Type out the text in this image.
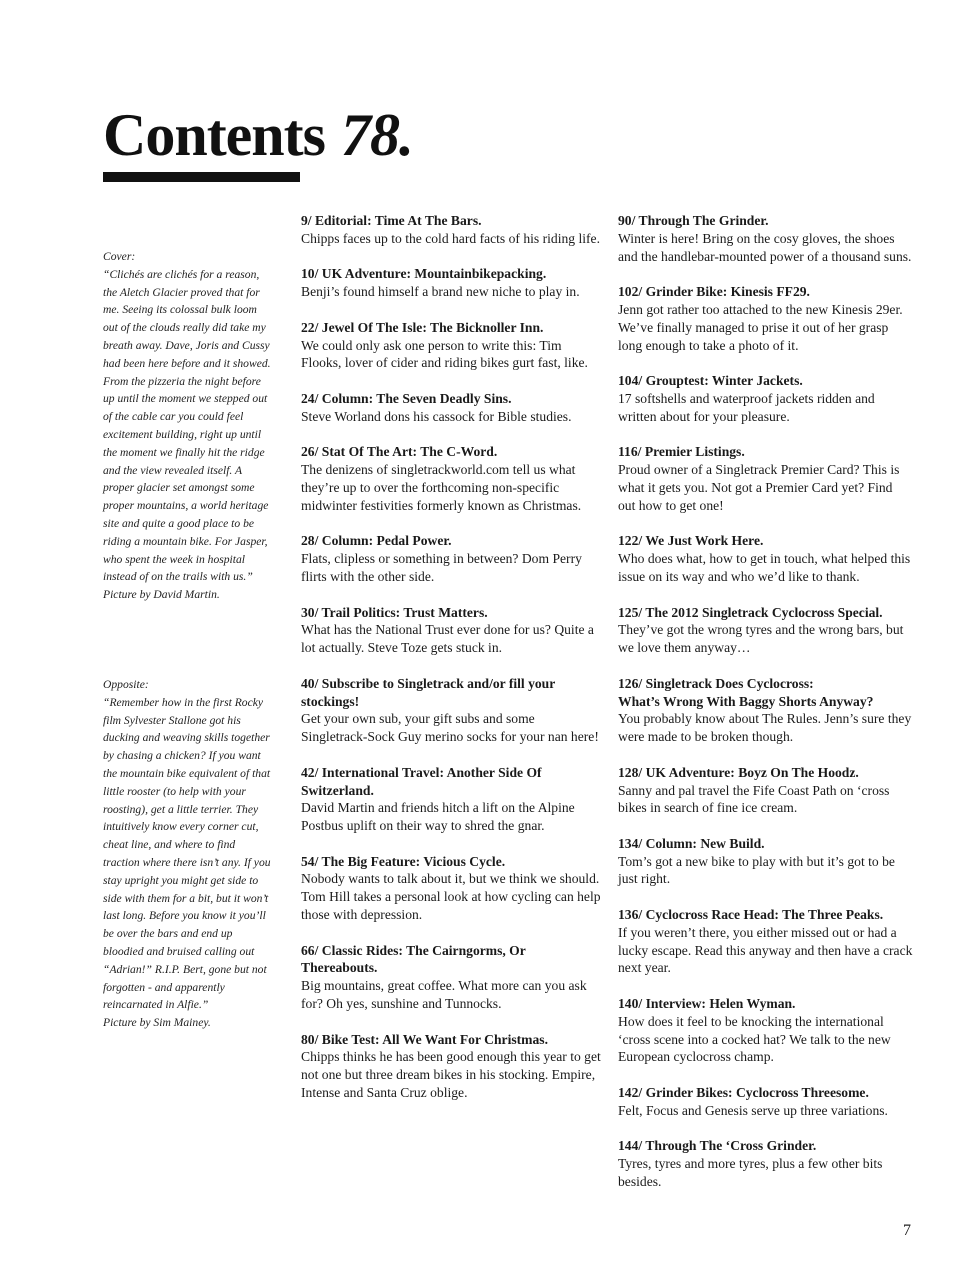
Contents 78.

Cover:

“Clichés are clichés for a reason, the Aletch Glacier proved that for me. Seeing its colossal bulk loom out of the clouds really did take my breath away. Dave, Joris and Cussy had been here before and it showed. From the pizzeria the night before up until the moment we stepped out of the cable car you could feel excitement building, right up until the moment we finally hit the ridge and the view revealed itself. A proper glacier set amongst some proper mountains, a world heritage site and quite a good place to be riding a mountain bike. For Jasper, who spent the week in hospital instead of on the trails with us.”

Picture by David Martin.

Opposite:

“Remember how in the first Rocky film Sylvester Stallone got his ducking and weaving skills together by chasing a chicken? If you want the mountain bike equivalent of that little rooster (to help with your roosting), get a little terrier. They intuitively know every corner cut, cheat line, and where to find traction where there isn’t any. If you stay upright you might get side to side with them for a bit, but it won’t last long. Before you know it you’ll be over the bars and end up bloodied and bruised calling out “Adrian!” R.I.P. Bert, gone but not forgotten - and apparently reincarnated in Alfie.”

Picture by Sim Mainey.

9/ Editorial: Time At The Bars.
Chipps faces up to the cold hard facts of his riding life.
10/ UK Adventure: Mountainbikepacking.
Benji’s found himself a brand new niche to play in.
22/ Jewel Of The Isle: The Bicknoller Inn.
We could only ask one person to write this: Tim Flooks, lover of cider and riding bikes gurt fast, like.
24/ Column: The Seven Deadly Sins.
Steve Worland dons his cassock for Bible studies.
26/ Stat Of The Art: The C-Word.
The denizens of singletrackworld.com tell us what they’re up to over the forthcoming non-specific midwinter festivities formerly known as Christmas.
28/ Column: Pedal Power.
Flats, clipless or something in between? Dom Perry flirts with the other side.
30/ Trail Politics: Trust Matters.
What has the National Trust ever done for us? Quite a lot actually. Steve Toze gets stuck in.
40/ Subscribe to Singletrack and/or fill your stockings!
Get your own sub, your gift subs and some Singletrack-Sock Guy merino socks for your nan here!
42/ International Travel: Another Side Of Switzerland.
David Martin and friends hitch a lift on the Alpine Postbus uplift on their way to shred the gnar.
54/ The Big Feature: Vicious Cycle.
Nobody wants to talk about it, but we think we should. Tom Hill takes a personal look at how cycling can help those with depression.
66/ Classic Rides: The Cairngorms, Or Thereabouts.
Big mountains, great coffee. What more can you ask for? Oh yes, sunshine and Tunnocks.
80/ Bike Test: All We Want For Christmas.
Chipps thinks he has been good enough this year to get not one but three dream bikes in his stocking. Empire, Intense and Santa Cruz oblige.
90/ Through The Grinder.
Winter is here! Bring on the cosy gloves, the shoes and the handlebar-mounted power of a thousand suns.
102/ Grinder Bike: Kinesis FF29.
Jenn got rather too attached to the new Kinesis 29er. We’ve finally managed to prise it out of her grasp long enough to take a photo of it.
104/ Grouptest: Winter Jackets.
17 softshells and waterproof jackets ridden and written about for your pleasure.
116/ Premier Listings.
Proud owner of a Singletrack Premier Card? This is what it gets you. Not got a Premier Card yet? Find out how to get one!
122/ We Just Work Here.
Who does what, how to get in touch, what helped this issue on its way and who we’d like to thank.
125/ The 2012 Singletrack Cyclocross Special.
They’ve got the wrong tyres and the wrong bars, but we love them anyway…
126/ Singletrack Does Cyclocross:
What’s Wrong With Baggy Shorts Anyway?
You probably know about The Rules. Jenn’s sure they were made to be broken though.
128/ UK Adventure: Boyz On The Hoodz.
Sanny and pal travel the Fife Coast Path on ‘cross bikes in search of fine ice cream.
134/ Column: New Build.
Tom’s got a new bike to play with but it’s got to be just right.
136/ Cyclocross Race Head: The Three Peaks.
If you weren’t there, you either missed out or had a lucky escape. Read this anyway and then have a crack next year.
140/ Interview: Helen Wyman.
How does it feel to be knocking the international ‘cross scene into a cocked hat? We talk to the new European cyclocross champ.
142/ Grinder Bikes: Cyclocross Threesome.
Felt, Focus and Genesis serve up three variations.
144/ Through The ‘Cross Grinder.
Tyres, tyres and more tyres, plus a few other bits besides.
7
